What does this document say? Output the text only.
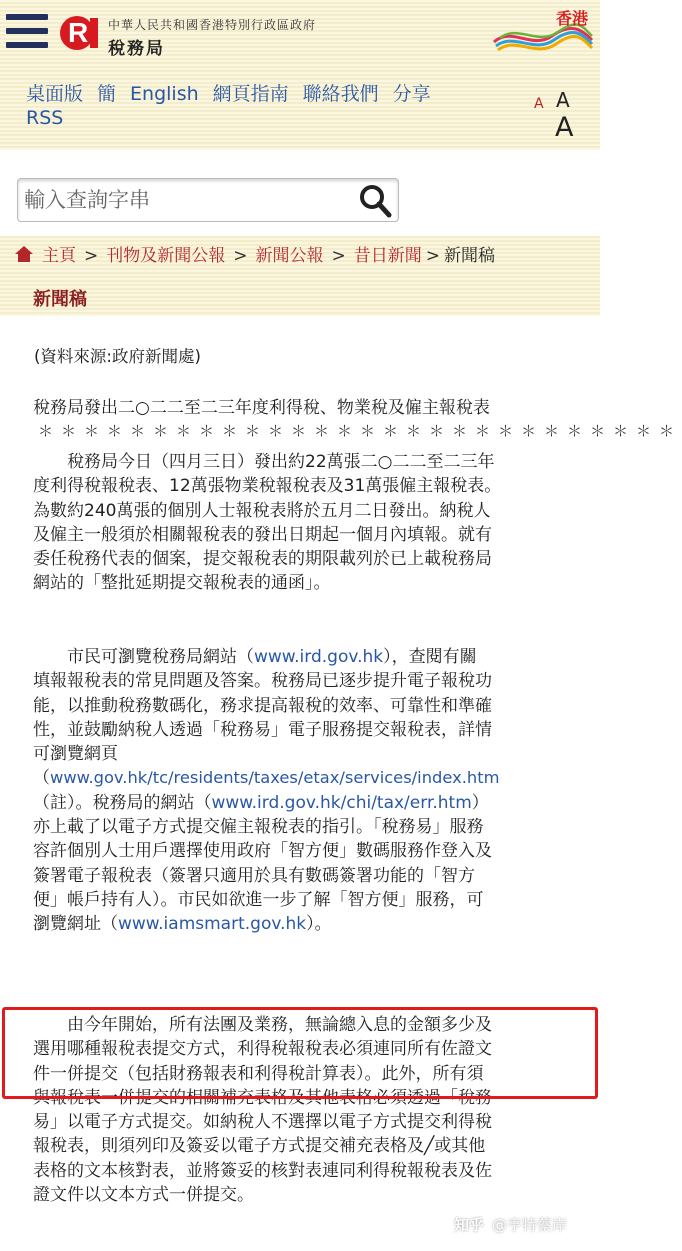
R 中華人民共和國香港特別行政區政府
稅務局
香港
桌面版 簡 English 網頁指南 聯絡我們 分享
RSS
A A
A
輸入查詢字串
主頁 > 刊物及新聞公報 > 新聞公報 > 昔日新聞 > 新聞稿
新聞稿
(資料來源:政府新聞處)
稅務局發出二○二二至二三年度利得稅、物業稅及僱主報稅表
＊＊＊＊＊＊＊＊＊＊＊＊＊＊＊＊＊＊＊＊＊＊＊＊＊＊＊＊
　　稅務局今日（四月三日）發出約22萬張二○二二至二三年
度利得稅報稅表、12萬張物業稅報稅表及31萬張僱主報稅表。
為數約240萬張的個別人士報稅表將於五月二日發出。納稅人
及僱主一般須於相關報稅表的發出日期起一個月內填報。就有
委任稅務代表的個案，提交報稅表的期限載列於已上載稅務局
網站的「整批延期提交報稅表的通函」。
　　市民可瀏覽稅務局網站（www.ird.gov.hk），查閱有關
填報報稅表的常見問題及答案。稅務局已逐步提升電子報稅功
能，以推動稅務數碼化，務求提高報稅的效率、可靠性和準確
性，並鼓勵納稅人透過「稅務易」電子服務提交報稅表，詳情
可瀏覽網頁
（www.gov.hk/tc/residents/taxes/etax/services/index.htm
（註）。稅務局的網站（www.ird.gov.hk/chi/tax/err.htm）
亦上載了以電子方式提交僱主報稅表的指引。「稅務易」服務
容許個別人士用戶選擇使用政府「智方便」數碼服務作登入及
簽署電子報稅表（簽署只適用於具有數碼簽署功能的「智方
便」帳戶持有人）。市民如欲進一步了解「智方便」服務，可
瀏覽網址（www.iamsmart.gov.hk）。
　　由今年開始，所有法團及業務，無論總入息的金額多少及
選用哪種報稅表提交方式，利得稅報稅表必須連同所有佐證文
件一併提交（包括財務報表和利得稅計算表）。此外，所有須
與報稅表一併提交的相關補充表格及其他表格必須透過「稅務
易」以電子方式提交。如納稅人不選擇以電子方式提交利得稅
報稅表，則須列印及簽妥以電子方式提交補充表格及╱或其他
表格的文本核對表，並將簽妥的核對表連同利得稅報稅表及佐
證文件以文本方式一併提交。
知乎 @亨特蔡岸
